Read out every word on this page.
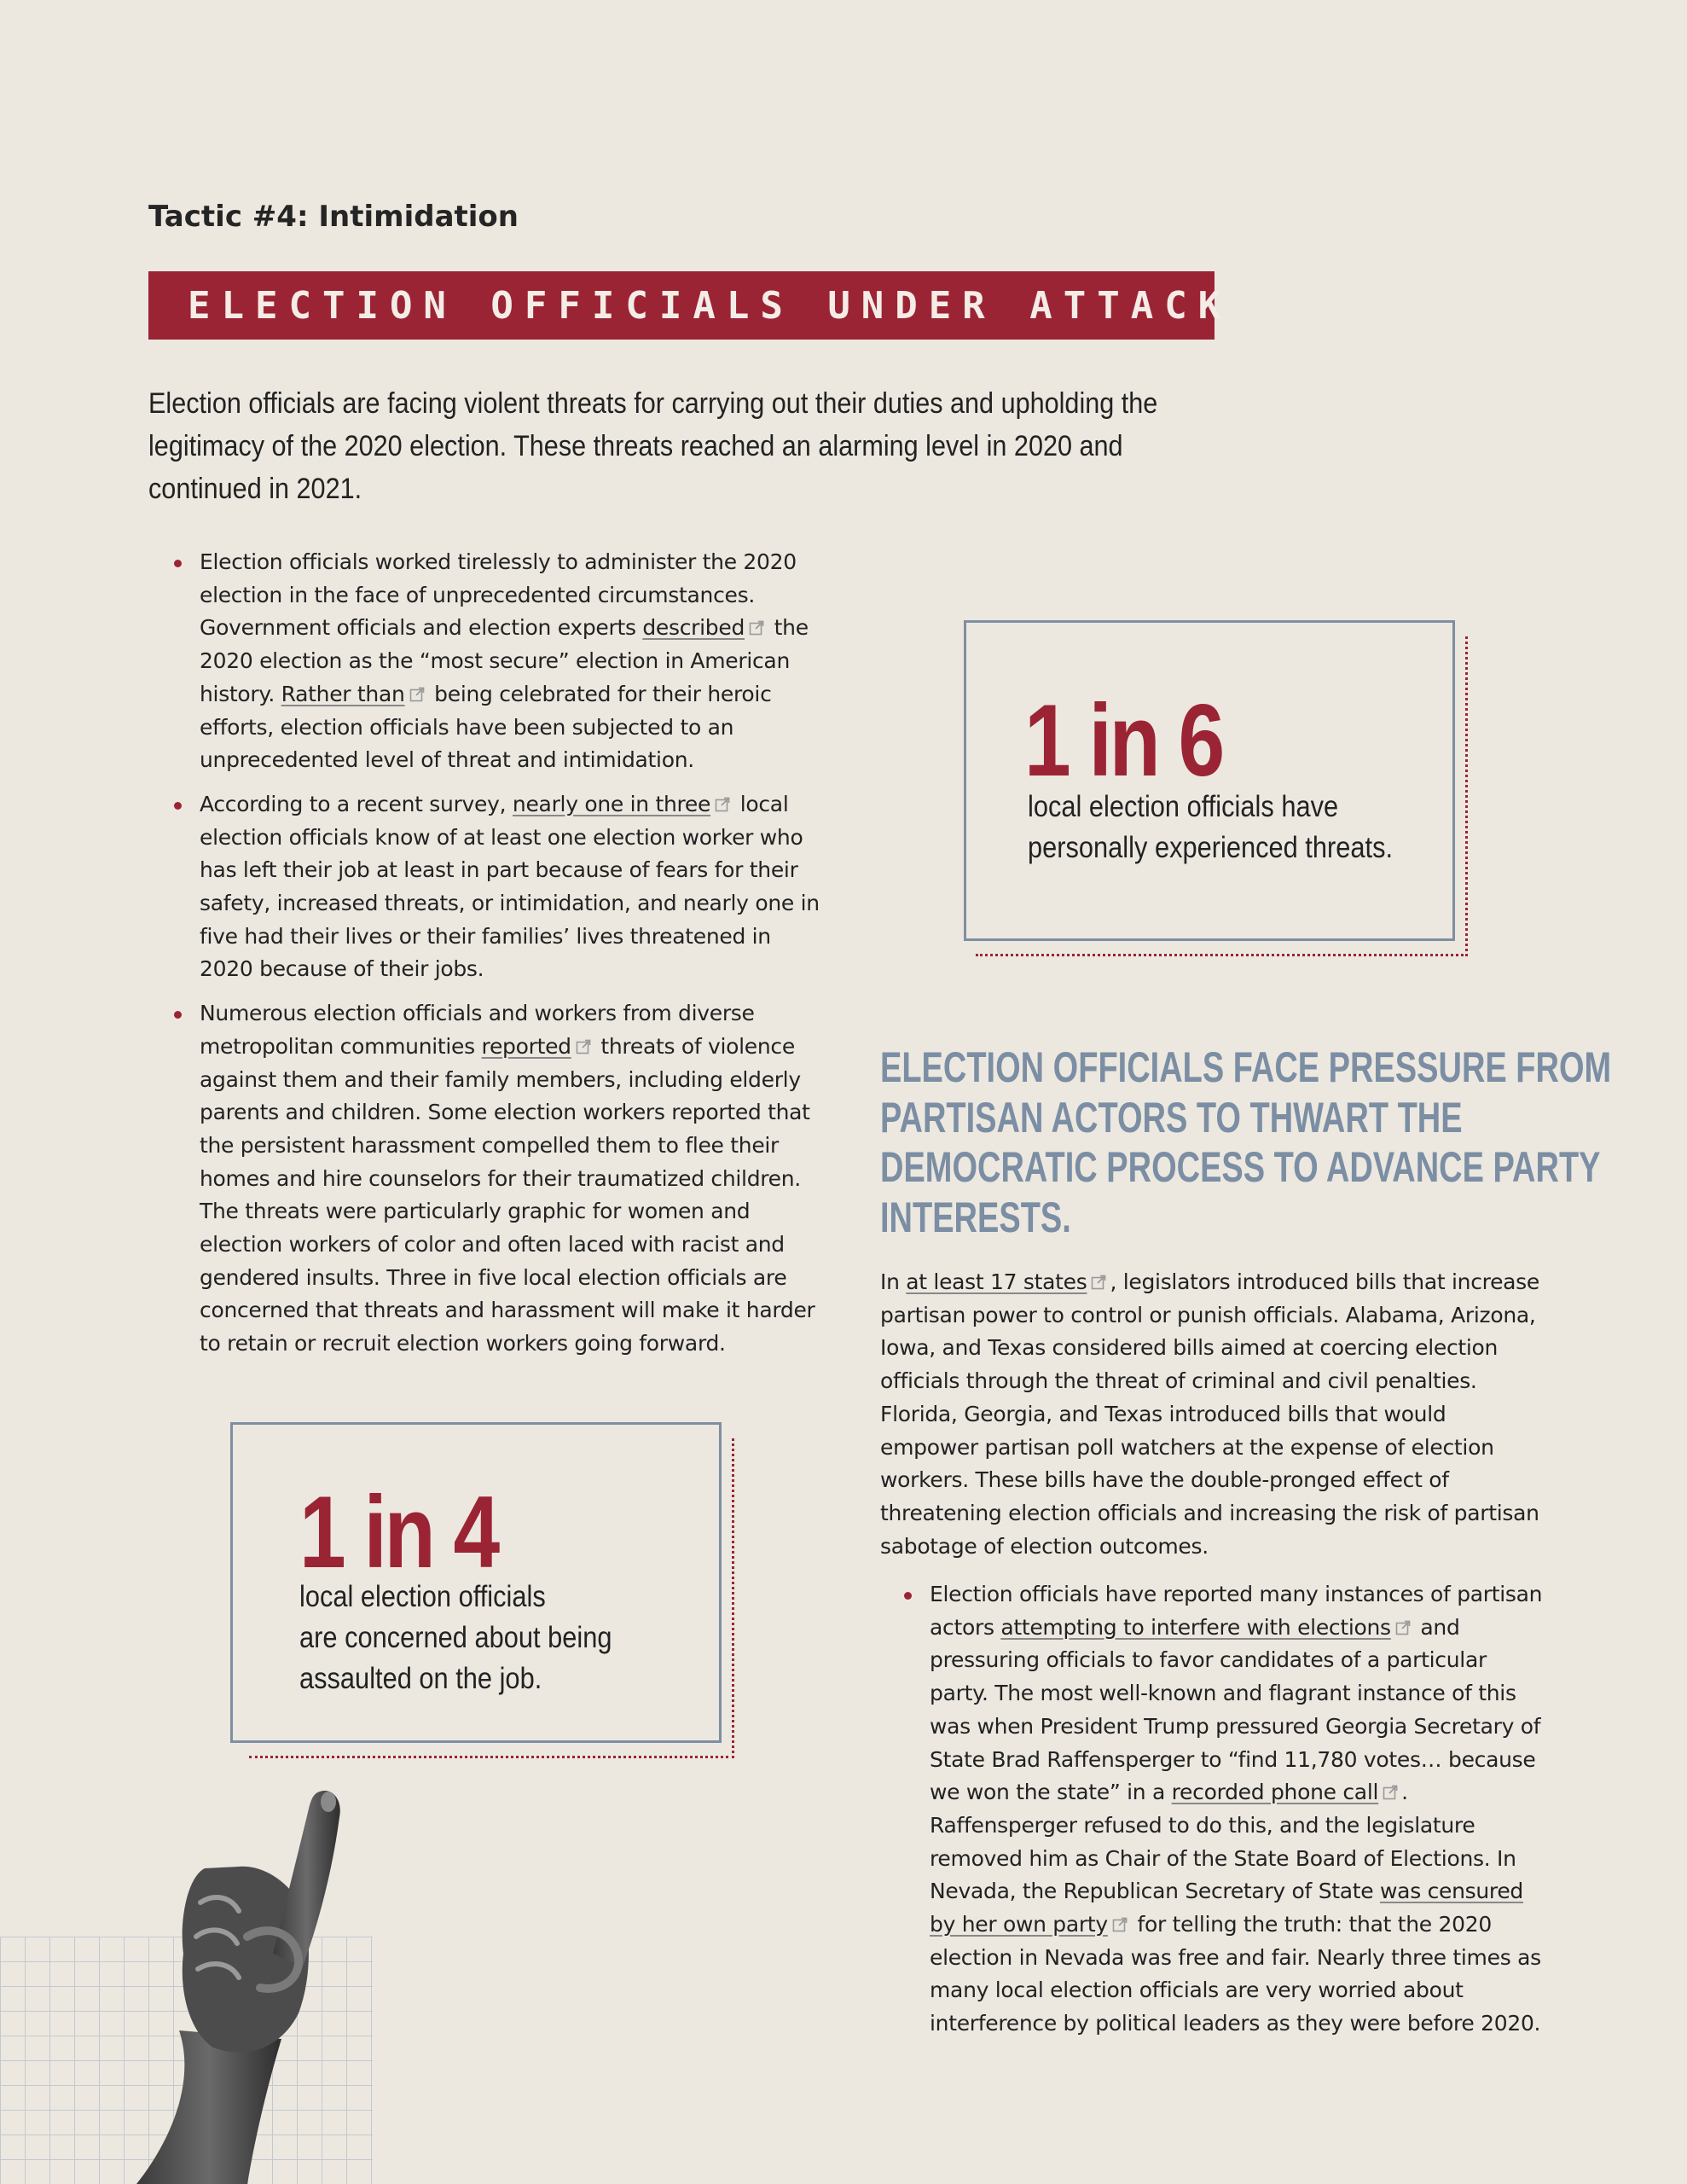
Tactic #4: Intimidation
ELECTION OFFICIALS UNDER ATTACK

Election officials are facing violent threats for carrying out their duties and upholding the legitimacy of the 2020 election. These threats reached an alarming level in 2020 and continued in 2021.

Election officials worked tirelessly to administer the 2020 election in the face of unprecedented circumstances. Government officials and election experts described
the 2020 election as the “most secure” election in American history. Rather than
being celebrated for their heroic efforts, election officials have been subjected to an unprecedented level of threat and intimidation.
According to a recent survey, nearly one in three
local election officials know of at least one election worker who has left their job at least in part because of fears for their safety, increased threats, or intimidation, and nearly one in five had their lives or their families’ lives threatened in 2020 because of their jobs.
Numerous election officials and workers from diverse metropolitan communities reported
threats of violence against them and their family members, including elderly parents and children. Some election workers reported that the persistent harassment compelled them to flee their homes and hire counselors for their traumatized children. The threats were particularly graphic for women and election workers of color and often laced with racist and gendered insults. Three in five local election officials are concerned that threats and harassment will make it harder to retain or recruit election workers going forward.

1 in 6

local election officials have

personally experienced threats.

1 in 4

local election officials

are concerned about being

assaulted on the job.

ELECTION OFFICIALS FACE PRESSURE FROM PARTISAN ACTORS TO THWART THE DEMOCRATIC PROCESS TO ADVANCE PARTY INTERESTS.

In at least 17 states , legislators introduced bills that increase partisan power to control or punish officials. Alabama, Arizona, Iowa, and Texas considered bills aimed at coercing election officials through the threat of criminal and civil penalties. Florida, Georgia, and Texas introduced bills that would empower partisan poll watchers at the expense of election workers. These bills have the double-pronged effect of threatening election officials and increasing the risk of partisan sabotage of election outcomes.

Election officials have reported many instances of partisan actors attempting to interfere with elections
and pressuring officials to favor candidates of a particular party. The most well-known and flagrant instance of this was when President Trump pressured Georgia Secretary of State Brad Raffensperger to “find 11,780 votes… because we won the state” in a recorded phone call . Raffensperger refused to do this, and the legislature removed him as Chair of the State Board of Elections. In Nevada, the Republican Secretary of State was censured by her own party
for telling the truth: that the 2020 election in Nevada was free and fair. Nearly three times as many local election officials are very worried about interference by political leaders as they were before 2020.
